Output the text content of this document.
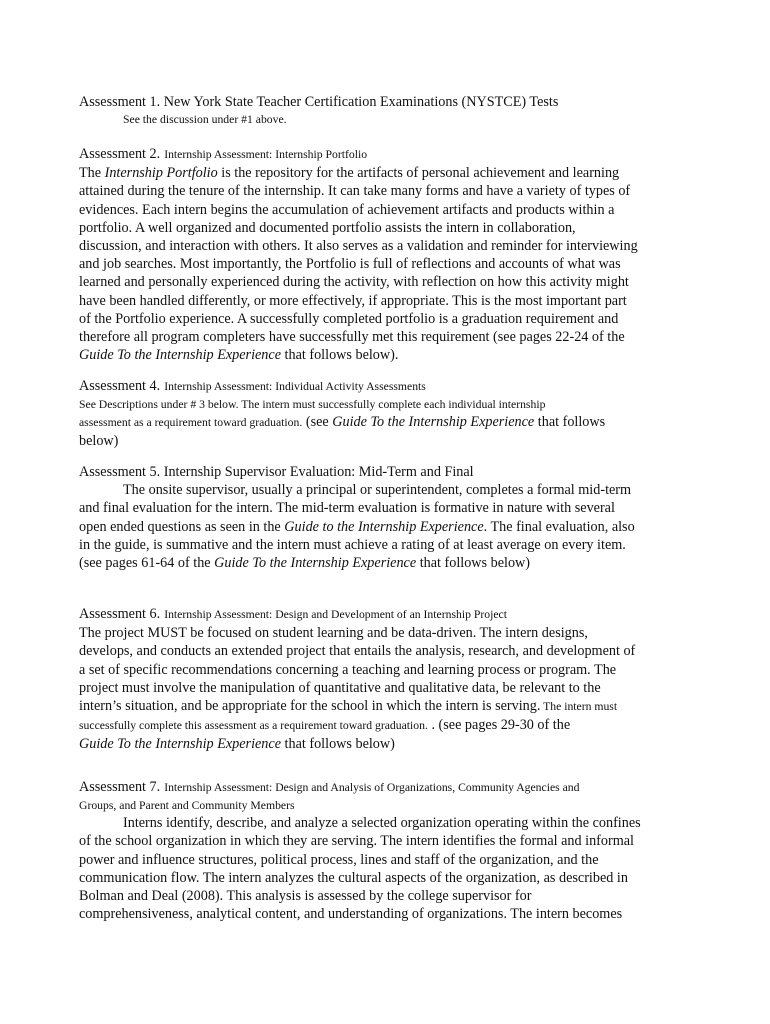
Assessment 1. New York State Teacher Certification Examinations (NYSTCE) Tests
See the discussion under #1 above.
Assessment 2. Internship Assessment: Internship Portfolio
The Internship Portfolio is the repository for the artifacts of personal achievement and learning
attained during the tenure of the internship. It can take many forms and have a variety of types of
evidences. Each intern begins the accumulation of achievement artifacts and products within a
portfolio. A well organized and documented portfolio assists the intern in collaboration,
discussion, and interaction with others. It also serves as a validation and reminder for interviewing
and job searches. Most importantly, the Portfolio is full of reflections and accounts of what was
learned and personally experienced during the activity, with reflection on how this activity might
have been handled differently, or more effectively, if appropriate. This is the most important part
of the Portfolio experience. A successfully completed portfolio is a graduation requirement and
therefore all program completers have successfully met this requirement (see pages 22-24 of the
Guide To the Internship Experience that follows below).
Assessment 4. Internship Assessment: Individual Activity Assessments
See Descriptions under # 3 below. The intern must successfully complete each individual internship
assessment as a requirement toward graduation. (see Guide To the Internship Experience that follows
below)
Assessment 5. Internship Supervisor Evaluation: Mid-Term and Final
The onsite supervisor, usually a principal or superintendent, completes a formal mid-term
and final evaluation for the intern. The mid-term evaluation is formative in nature with several
open ended questions as seen in the Guide to the Internship Experience. The final evaluation, also
in the guide, is summative and the intern must achieve a rating of at least average on every item.
(see pages 61-64 of the Guide To the Internship Experience that follows below)
Assessment 6. Internship Assessment: Design and Development of an Internship Project
The project MUST be focused on student learning and be data-driven. The intern designs,
develops, and conducts an extended project that entails the analysis, research, and development of
a set of specific recommendations concerning a teaching and learning process or program. The
project must involve the manipulation of quantitative and qualitative data, be relevant to the
intern’s situation, and be appropriate for the school in which the intern is serving. The intern must
successfully complete this assessment as a requirement toward graduation. . (see pages 29-30 of the
Guide To the Internship Experience that follows below)
Assessment 7. Internship Assessment: Design and Analysis of Organizations, Community Agencies and
Groups, and Parent and Community Members
Interns identify, describe, and analyze a selected organization operating within the confines
of the school organization in which they are serving. The intern identifies the formal and informal
power and influence structures, political process, lines and staff of the organization, and the
communication flow. The intern analyzes the cultural aspects of the organization, as described in
Bolman and Deal (2008). This analysis is assessed by the college supervisor for
comprehensiveness, analytical content, and understanding of organizations. The intern becomes
